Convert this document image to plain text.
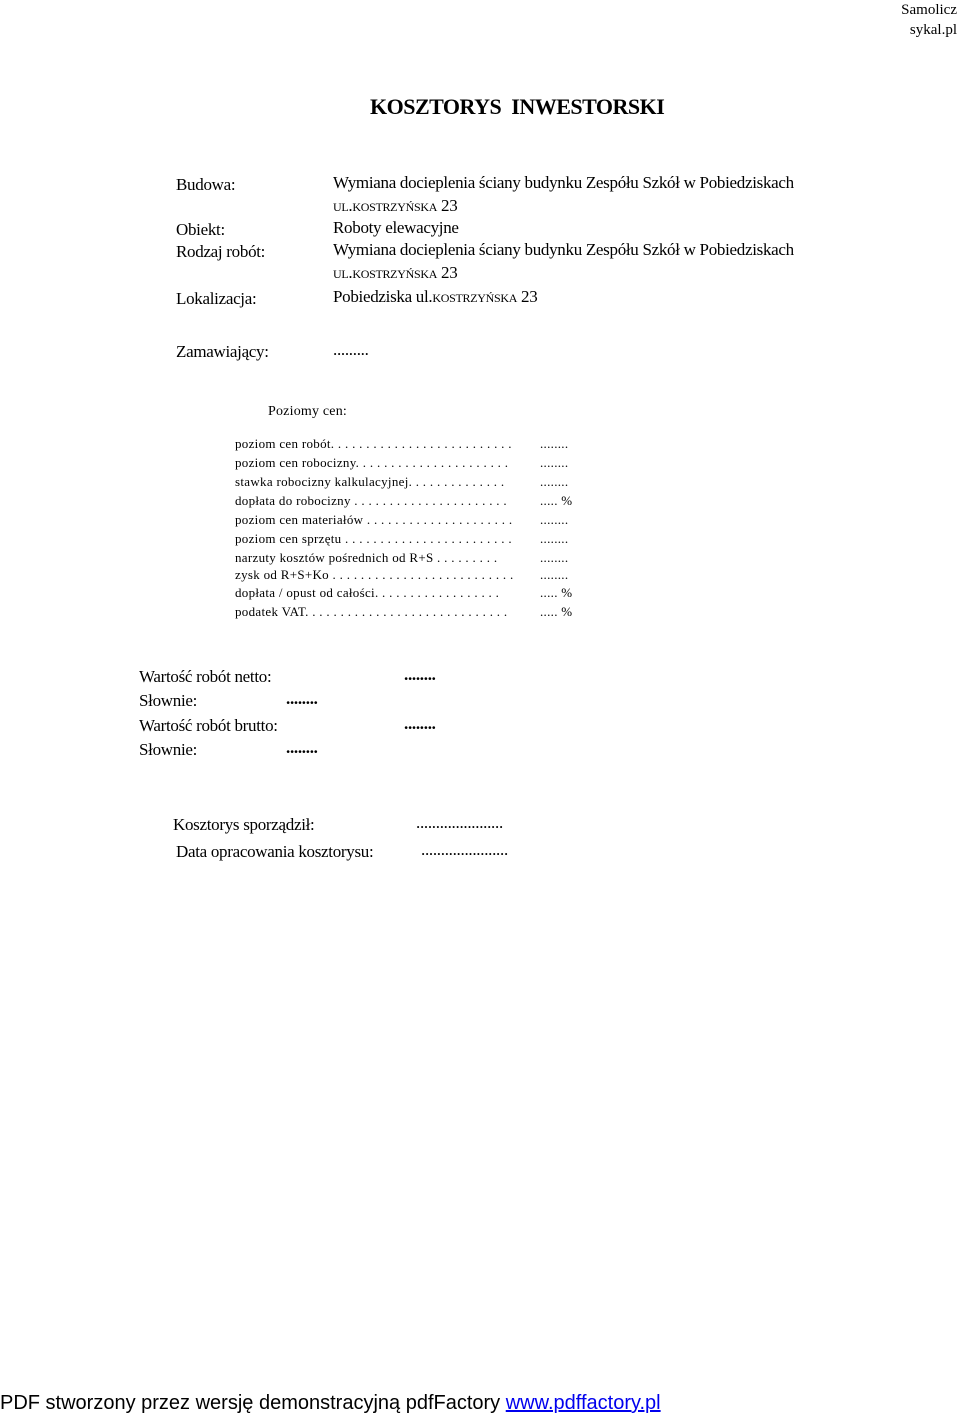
Samolicz
sykal.pl
KOSZTORYS  INWESTORSKI
Budowa:	Wymiana docieplenia ściany budynku Zespółu Szkół w Pobiedziskach
ul.kostrzyńska 23
Obiekt:	Roboty elewacyjne
Rodzaj robót:	Wymiana docieplenia ściany budynku Zespółu Szkół w Pobiedziskach
ul.kostrzyńska 23
Lokalizacja:	Pobiedziska ul.kostrzyńska 23
Zamawiający:	.........
Poziomy cen:
poziom cen robót. . . . . . . . . . . . . . . . . . . . . . . . . . ........
poziom cen robocizny. . . . . . . . . . . . . . . . . . . . . . ........
stawka robocizny kalkulacyjnej. . . . . . . . . . . . . .	........
dopłata do robocizny . . . . . . . . . . . . . . . . . . . . . .	..... %
poziom cen materiałów . . . . . . . . . . . . . . . . . . . . . ........
poziom cen sprzętu . . . . . . . . . . . . . . . . . . . . . . . . ........
narzuty kosztów pośrednich od R+S . . . . . . . . .	........
zysk od R+S+Ko . . . . . . . . . . . . . . . . . . . . . . . . . . ........
dopłata / opust od całości. . . . . . . . . . . . . . . . . .	..... %
podatek VAT. . . . . . . . . . . . . . . . . . . . . . . . . . . . .	..... %
Wartość robót netto:	........
Słownie:	........
Wartość robót brutto:	........
Słownie:	........
Kosztorys sporządził:	......................
Data opracowania kosztorysu:	......................
PDF stworzony przez wersję demonstracyjną pdfFactory www.pdffactory.pl
